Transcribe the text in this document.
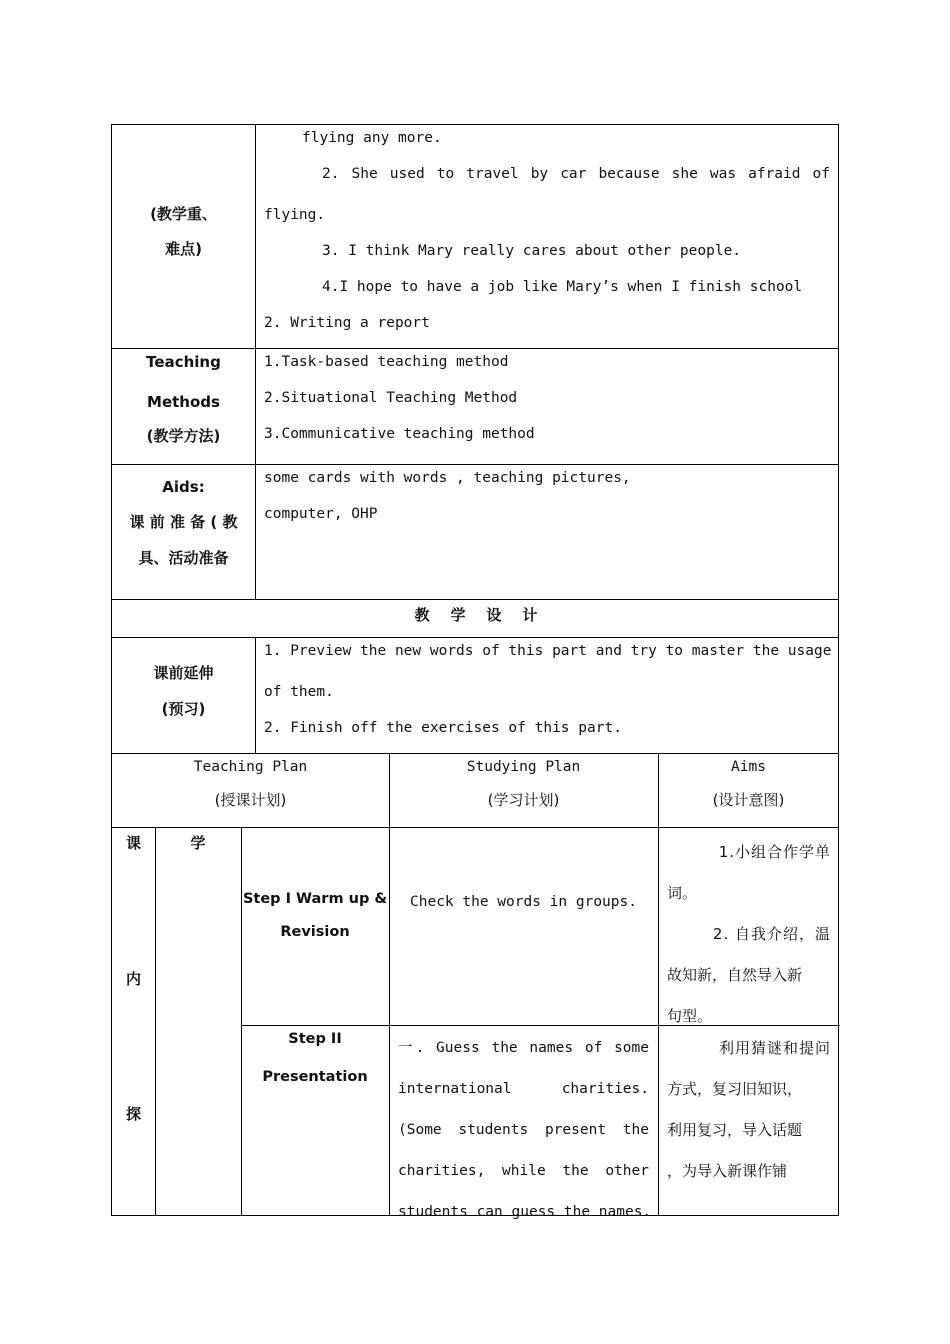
(教学重、
难点)
flying any more.
2. She used to travel by car because she was afraid of
flying.
3. I think Mary really cares about other people.
4.I hope to have a job like Mary’s when I finish school
2. Writing a report
Teaching
Methods
(教学方法)
1.Task-based teaching method
2.Situational Teaching Method
3.Communicative teaching method
Aids:
课 前 准 备 ( 教
具、活动准备
some cards with words , teaching pictures,
computer, OHP
教    学    设    计
课前延伸
(预习)
1. Preview the new words of this part and try to master the usage
of them.
2. Finish off the exercises of this part.
Teaching Plan
(授课计划)
Studying Plan
(学习计划)
Aims
(设计意图)
课
内
探
学
Step I Warm up &
Revision
Check the words in groups.
1.小组合作学单
词。
2. 自我介绍，温
故知新，自然导入新
句型。
Step II
Presentation
一. Guess the names of some
international charities.
(Some students present the
charities, while the other
students can guess the names.
利用猜谜和提问
方式，复习旧知识，
利用复习，导入话题
，为导入新课作铺
